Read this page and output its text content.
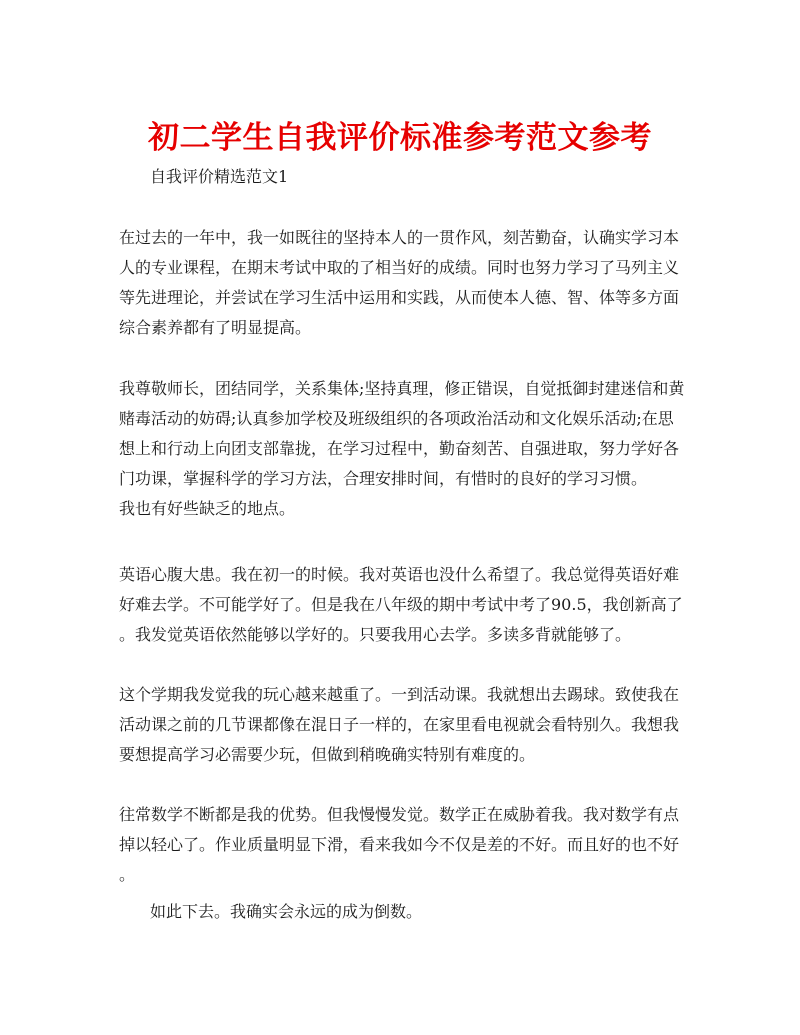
初二学生自我评价标准参考范文参考

自我评价精选范文1

在过去的一年中，我一如既往的坚持本人的一贯作风，刻苦勤奋，认确实学习本
人的专业课程，在期末考试中取的了相当好的成绩。同时也努力学习了马列主义
等先进理论，并尝试在学习生活中运用和实践，从而使本人德、智、体等多方面
综合素养都有了明显提高。

我尊敬师长，团结同学，关系集体;坚持真理，修正错误，自觉抵御封建迷信和黄
赌毒活动的妨碍;认真参加学校及班级组织的各项政治活动和文化娱乐活动;在思
想上和行动上向团支部靠拢，在学习过程中，勤奋刻苦、自强进取，努力学好各
门功课，掌握科学的学习方法，合理安排时间，有惜时的良好的学习习惯。
我也有好些缺乏的地点。

英语心腹大患。我在初一的时候。我对英语也没什么希望了。我总觉得英语好难
好难去学。不可能学好了。但是我在八年级的期中考试中考了90.5，我创新高了
。我发觉英语依然能够以学好的。只要我用心去学。多读多背就能够了。

这个学期我发觉我的玩心越来越重了。一到活动课。我就想出去踢球。致使我在
活动课之前的几节课都像在混日子一样的，在家里看电视就会看特别久。我想我
要想提高学习必需要少玩，但做到稍晚确实特别有难度的。

往常数学不断都是我的优势。但我慢慢发觉。数学正在威胁着我。我对数学有点
掉以轻心了。作业质量明显下滑，看来我如今不仅是差的不好。而且好的也不好
。

如此下去。我确实会永远的成为倒数。
